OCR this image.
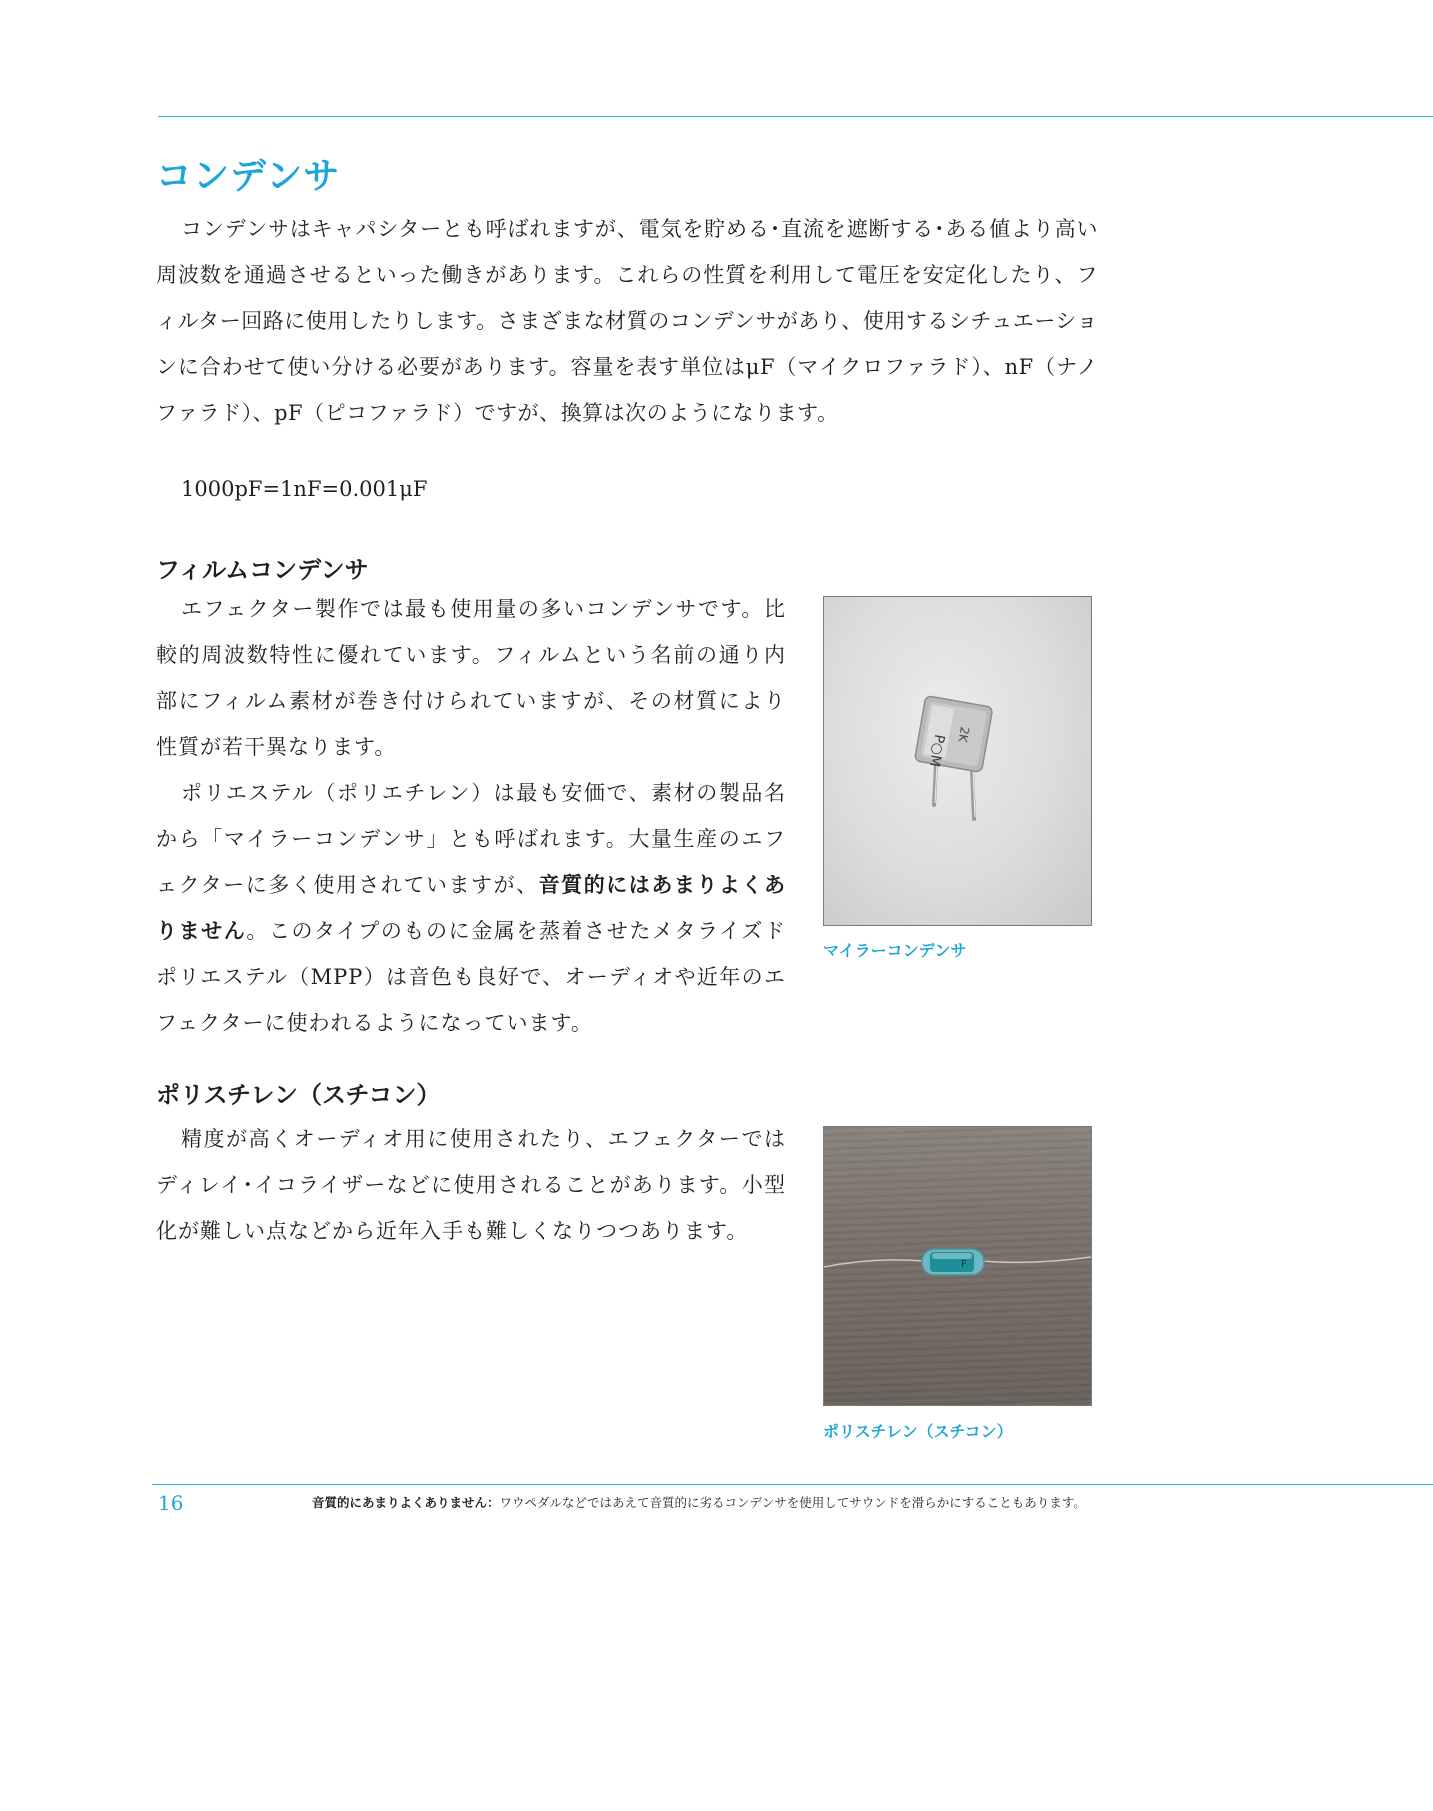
コンデンサ

コンデンサはキャパシターとも呼ばれますが、電気を貯める･直流を遮断する･ある値より高い周波数を通過させるといった働きがあります。これらの性質を利用して電圧を安定化したり、フィルター回路に使用したりします。さまざまな材質のコンデンサがあり、使用するシチュエーションに合わせて使い分ける必要があります。容量を表す単位はμF（マイクロファラド）、nF（ナノファラド）、pF（ピコファラド）ですが、換算は次のようになります。

1000pF=1nF=0.001μF

フィルムコンデンサ

エフェクター製作では最も使用量の多いコンデンサです。比較的周波数特性に優れています。フィルムという名前の通り内部にフィルム素材が巻き付けられていますが、その材質により性質が若干異なります。

ポリエステル（ポリエチレン）は最も安価で、素材の製品名から「マイラーコンデンサ」とも呼ばれます。大量生産のエフェクターに多く使用されていますが、音質的にはあまりよくありません。このタイプのものに金属を蒸着させたメタライズドポリエステル（MPP）は音色も良好で、オーディオや近年のエフェクターに使われるようになっています。

P○M 2K

マイラーコンデンサ

ポリスチレン（スチコン）

精度が高くオーディオ用に使用されたり、エフェクターではディレイ･イコライザーなどに使用されることがあります。小型化が難しい点などから近年入手も難しくなりつつあります。

F

ポリスチレン（スチコン）

16	音質的にあまりよくありません：ワウペダルなどではあえて音質的に劣るコンデンサを使用してサウンドを滑らかにすることもあります。
